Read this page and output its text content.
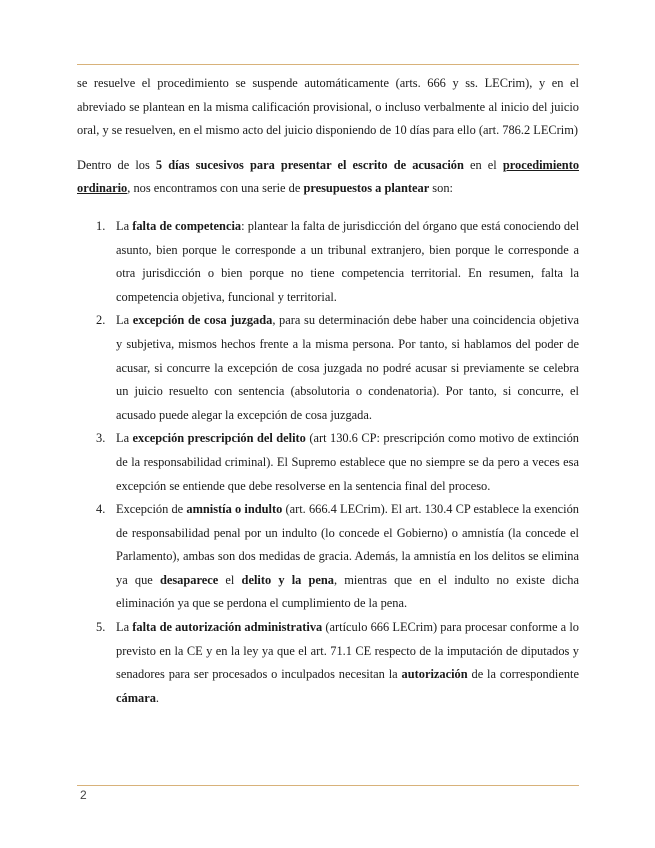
se resuelve el procedimiento se suspende automáticamente (arts. 666 y ss. LECrim), y en el abreviado se plantean en la misma calificación provisional, o incluso verbalmente al inicio del juicio oral, y se resuelven, en el mismo acto del juicio disponiendo de 10 días para ello (art. 786.2 LECrim)

Dentro de los 5 días sucesivos para presentar el escrito de acusación en el procedimiento ordinario, nos encontramos con una serie de presupuestos a plantear son:

1. La falta de competencia: plantear la falta de jurisdicción del órgano que está conociendo del asunto, bien porque le corresponde a un tribunal extranjero, bien porque le corresponde a otra jurisdicción o bien porque no tiene competencia territorial. En resumen, falta la competencia objetiva, funcional y territorial.
2. La excepción de cosa juzgada, para su determinación debe haber una coincidencia objetiva y subjetiva, mismos hechos frente a la misma persona. Por tanto, si hablamos del poder de acusar, si concurre la excepción de cosa juzgada no podré acusar si previamente se celebra un juicio resuelto con sentencia (absolutoria o condenatoria). Por tanto, si concurre, el acusado puede alegar la excepción de cosa juzgada.
3. La excepción prescripción del delito (art 130.6 CP: prescripción como motivo de extinción de la responsabilidad criminal). El Supremo establece que no siempre se da pero a veces esa excepción se entiende que debe resolverse en la sentencia final del proceso.
4. Excepción de amnistía o indulto (art. 666.4 LECrim). El art. 130.4 CP establece la exención de responsabilidad penal por un indulto (lo concede el Gobierno) o amnistía (la concede el Parlamento), ambas son dos medidas de gracia. Además, la amnistía en los delitos se elimina ya que desaparece el delito y la pena, mientras que en el indulto no existe dicha eliminación ya que se perdona el cumplimiento de la pena.
5. La falta de autorización administrativa (artículo 666 LECrim) para procesar conforme a lo previsto en la CE y en la ley ya que el art. 71.1 CE respecto de la imputación de diputados y senadores para ser procesados o inculpados necesitan la autorización de la correspondiente cámara.
2
